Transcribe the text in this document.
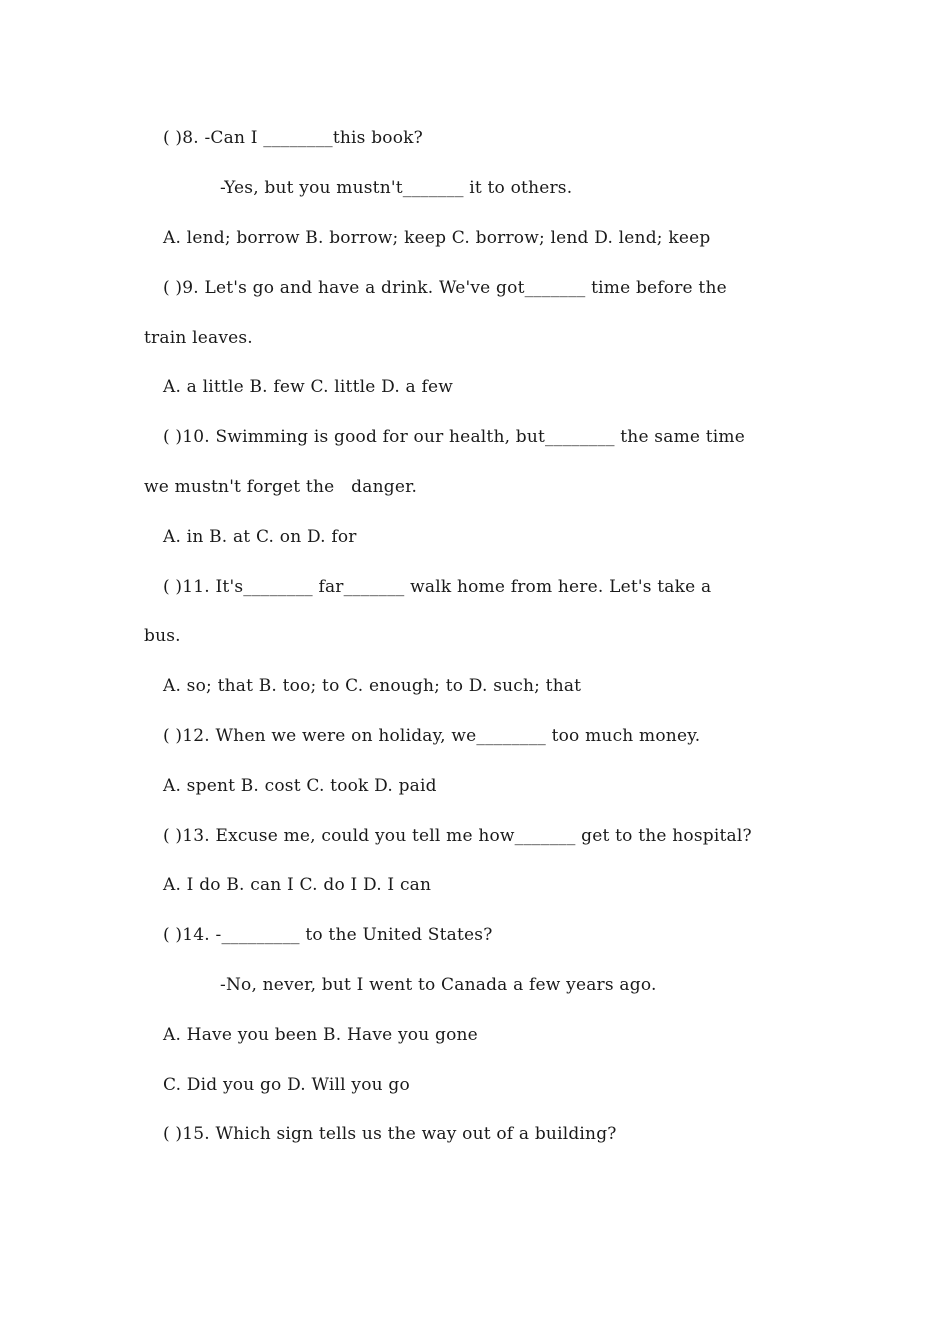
( )8. -Can I ________this book?
-Yes, but you mustn't_______ it to others.
A. lend; borrow B. borrow; keep C. borrow; lend D. lend; keep
( )9. Let's go and have a drink. We've got_______ time before the
train leaves.
A. a little B. few C. little D. a few
( )10. Swimming is good for our health, but________ the same time
we mustn't forget the   danger.
A. in B. at C. on D. for
( )11. It's________ far_______ walk home from here. Let's take a
bus.
A. so; that B. too; to C. enough; to D. such; that
( )12. When we were on holiday, we________ too much money.
A. spent B. cost C. took D. paid
( )13. Excuse me, could you tell me how_______ get to the hospital?
A. I do B. can I C. do I D. I can
( )14. -_________ to the United States?
-No, never, but I went to Canada a few years ago.
A. Have you been B. Have you gone
C. Did you go D. Will you go
( )15. Which sign tells us the way out of a building?
